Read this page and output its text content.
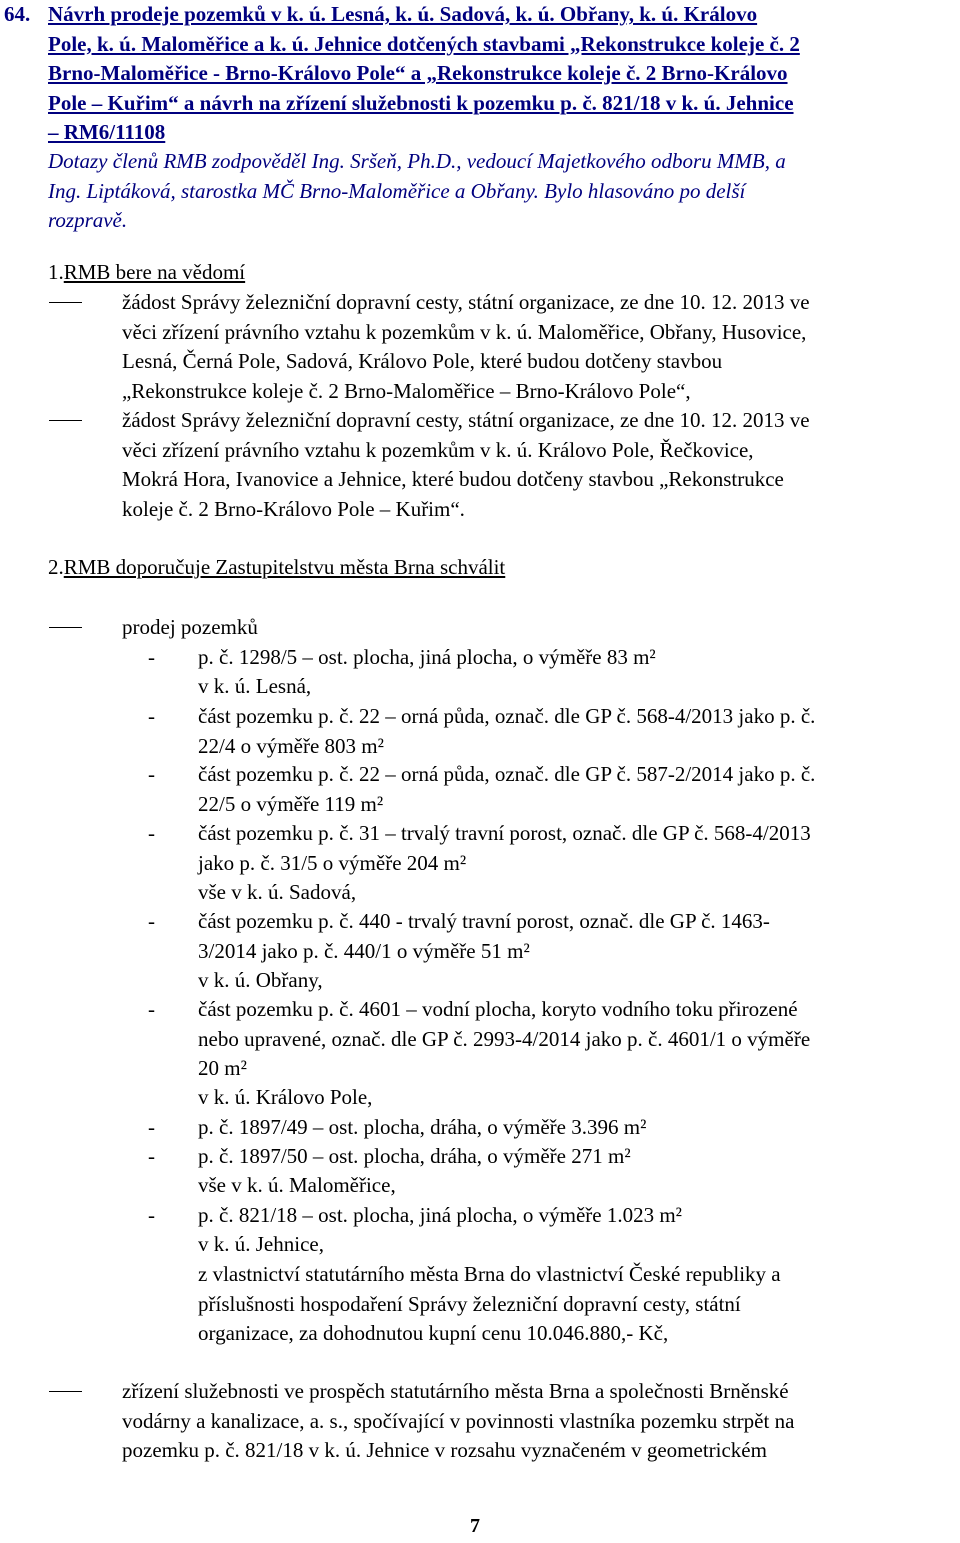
64. Návrh prodeje pozemků v k. ú. Lesná, k. ú. Sadová, k. ú. Obřany, k. ú. Královo

Pole, k. ú. Maloměřice a k. ú. Jehnice dotčených stavbami „Rekonstrukce koleje č. 2

Brno-Maloměřice - Brno-Královo Pole“ a „Rekonstrukce koleje č. 2 Brno-Královo

Pole – Kuřim“ a návrh na zřízení služebnosti k pozemku p. č. 821/18 v k. ú. Jehnice

– RM6/11108

Dotazy členů RMB zodpověděl Ing. Sršeň, Ph.D., vedoucí Majetkového odboru MMB, a

Ing. Liptáková, starostka MČ Brno-Maloměřice a Obřany. Bylo hlasováno po delší

rozpravě.

1.RMB bere na vědomí

žádost Správy železniční dopravní cesty, státní organizace, ze dne 10. 12. 2013 ve

věci zřízení právního vztahu k pozemkům v k. ú. Maloměřice, Obřany, Husovice,

Lesná, Černá Pole, Sadová, Královo Pole, které budou dotčeny stavbou

„Rekonstrukce koleje č. 2 Brno-Maloměřice – Brno-Královo Pole“,

žádost Správy železniční dopravní cesty, státní organizace, ze dne 10. 12. 2013 ve

věci zřízení právního vztahu k pozemkům v k. ú. Královo Pole, Řečkovice,

Mokrá Hora, Ivanovice a Jehnice, které budou dotčeny stavbou „Rekonstrukce

koleje č. 2 Brno-Královo Pole – Kuřim“.

2.RMB doporučuje Zastupitelstvu města Brna schválit

prodej pozemků

- p. č. 1298/5 – ost. plocha, jiná plocha, o výměře 83 m²

v k. ú. Lesná,

- část pozemku p. č. 22 – orná půda, označ. dle GP č. 568-4/2013 jako p. č.

22/4 o výměře 803 m²

- část pozemku p. č. 22 – orná půda, označ. dle GP č. 587-2/2014 jako p. č.

22/5 o výměře 119 m²

- část pozemku p. č. 31 – trvalý travní porost, označ. dle GP č. 568-4/2013

jako p. č. 31/5 o výměře 204 m²

vše v k. ú. Sadová,

- část pozemku p. č. 440 - trvalý travní porost, označ. dle GP č. 1463-

3/2014 jako p. č. 440/1 o výměře 51 m²

v k. ú. Obřany,

- část pozemku p. č. 4601 – vodní plocha, koryto vodního toku přirozené

nebo upravené, označ. dle GP č. 2993-4/2014 jako p. č. 4601/1 o výměře

20 m²

v k. ú. Královo Pole,

- p. č. 1897/49 – ost. plocha, dráha, o výměře 3.396 m²

- p. č. 1897/50 – ost. plocha, dráha, o výměře 271 m²

vše v k. ú. Maloměřice,

- p. č. 821/18 – ost. plocha, jiná plocha, o výměře 1.023 m²

v k. ú. Jehnice,

z vlastnictví statutárního města Brna do vlastnictví České republiky a

příslušnosti hospodaření Správy železniční dopravní cesty, státní

organizace, za dohodnutou kupní cenu 10.046.880,- Kč,

zřízení služebnosti ve prospěch statutárního města Brna a společnosti Brněnské

vodárny a kanalizace, a. s., spočívající v povinnosti vlastníka pozemku strpět na

pozemku p. č. 821/18 v k. ú. Jehnice v rozsahu vyznačeném v geometrickém

7
